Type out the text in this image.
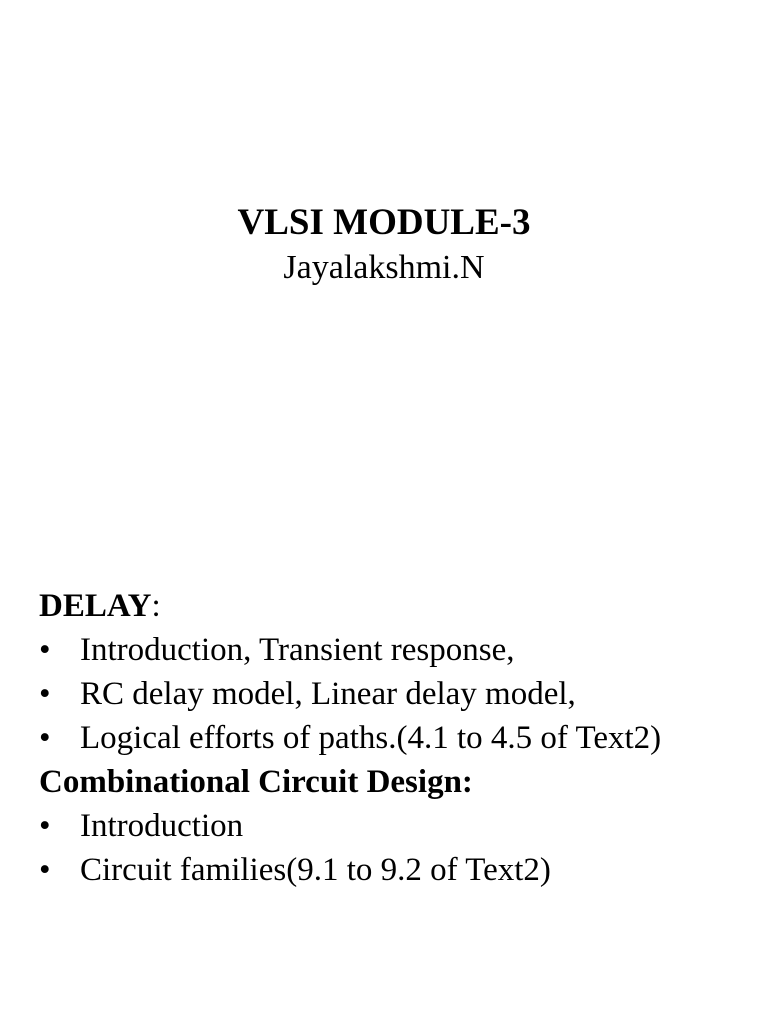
VLSI MODULE-3
Jayalakshmi.N
DELAY:
• Introduction, Transient response,
• RC delay model, Linear delay model,
• Logical efforts of paths.(4.1 to 4.5 of Text2)
Combinational Circuit Design:
• Introduction
• Circuit families(9.1 to 9.2 of Text2)
